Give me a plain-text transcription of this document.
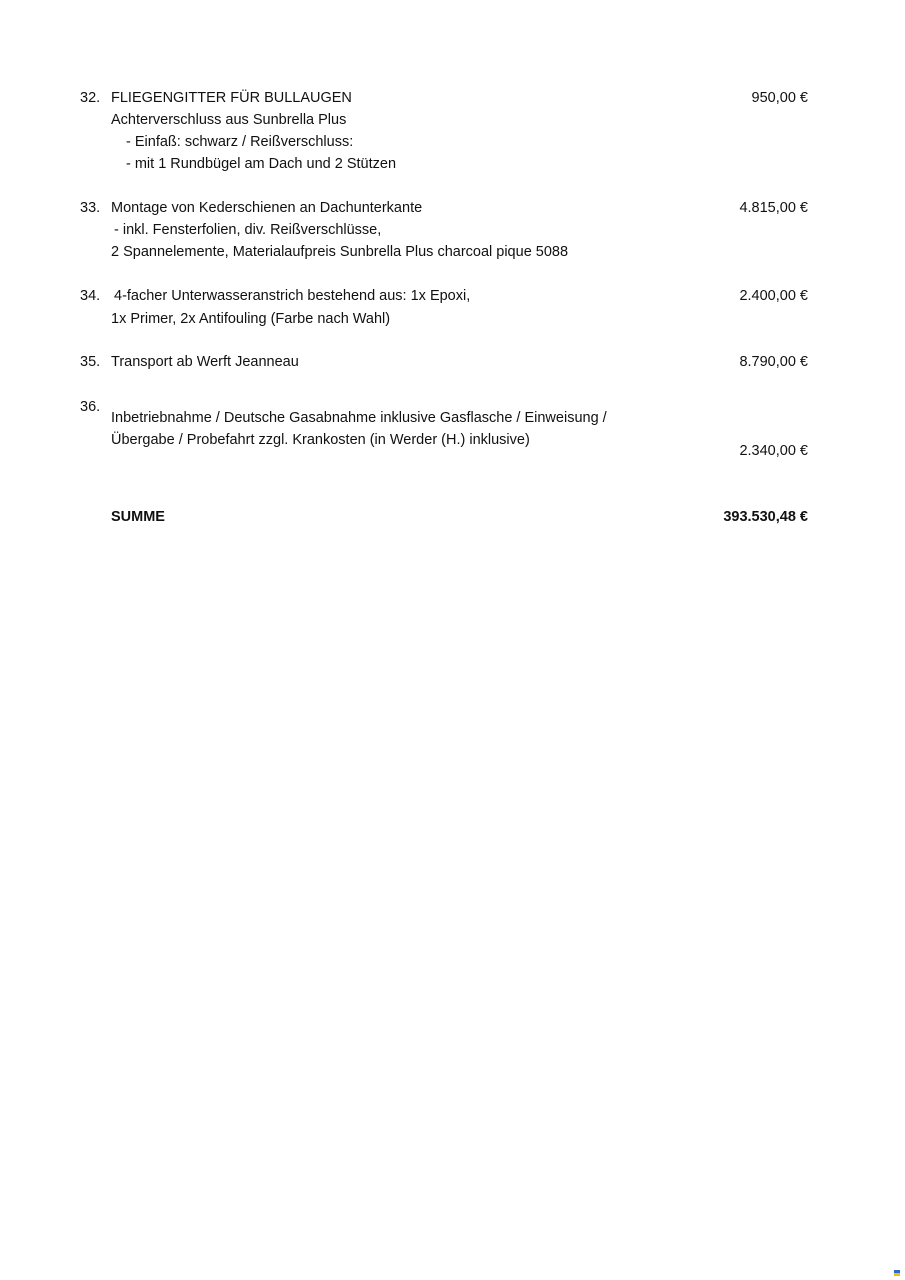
32. FLIEGENGITTER FÜR BULLAUGEN
Achterverschluss aus Sunbrella Plus
- Einfaß: schwarz / Reißverschluss:
- mit 1 Rundbügel am Dach und 2 Stützen
950,00 €
33. Montage von Kederschienen an Dachunterkante
- inkl. Fensterfolien, div. Reißverschlüsse,
2 Spannelemente, Materialaufpreis Sunbrella Plus charcoal pique 5088
4.815,00 €
34. 4-facher Unterwasseranstrich bestehend aus: 1x Epoxi,
1x Primer, 2x Antifouling (Farbe nach Wahl)
2.400,00 €
35. Transport ab Werft Jeanneau	8.790,00 €
36.
Inbetriebnahme / Deutsche Gasabnahme inklusive Gasflasche / Einweisung /
Übergabe / Probefahrt zzgl. Krankosten (in Werder (H.) inklusive)
2.340,00 €
SUMME	393.530,48 €
